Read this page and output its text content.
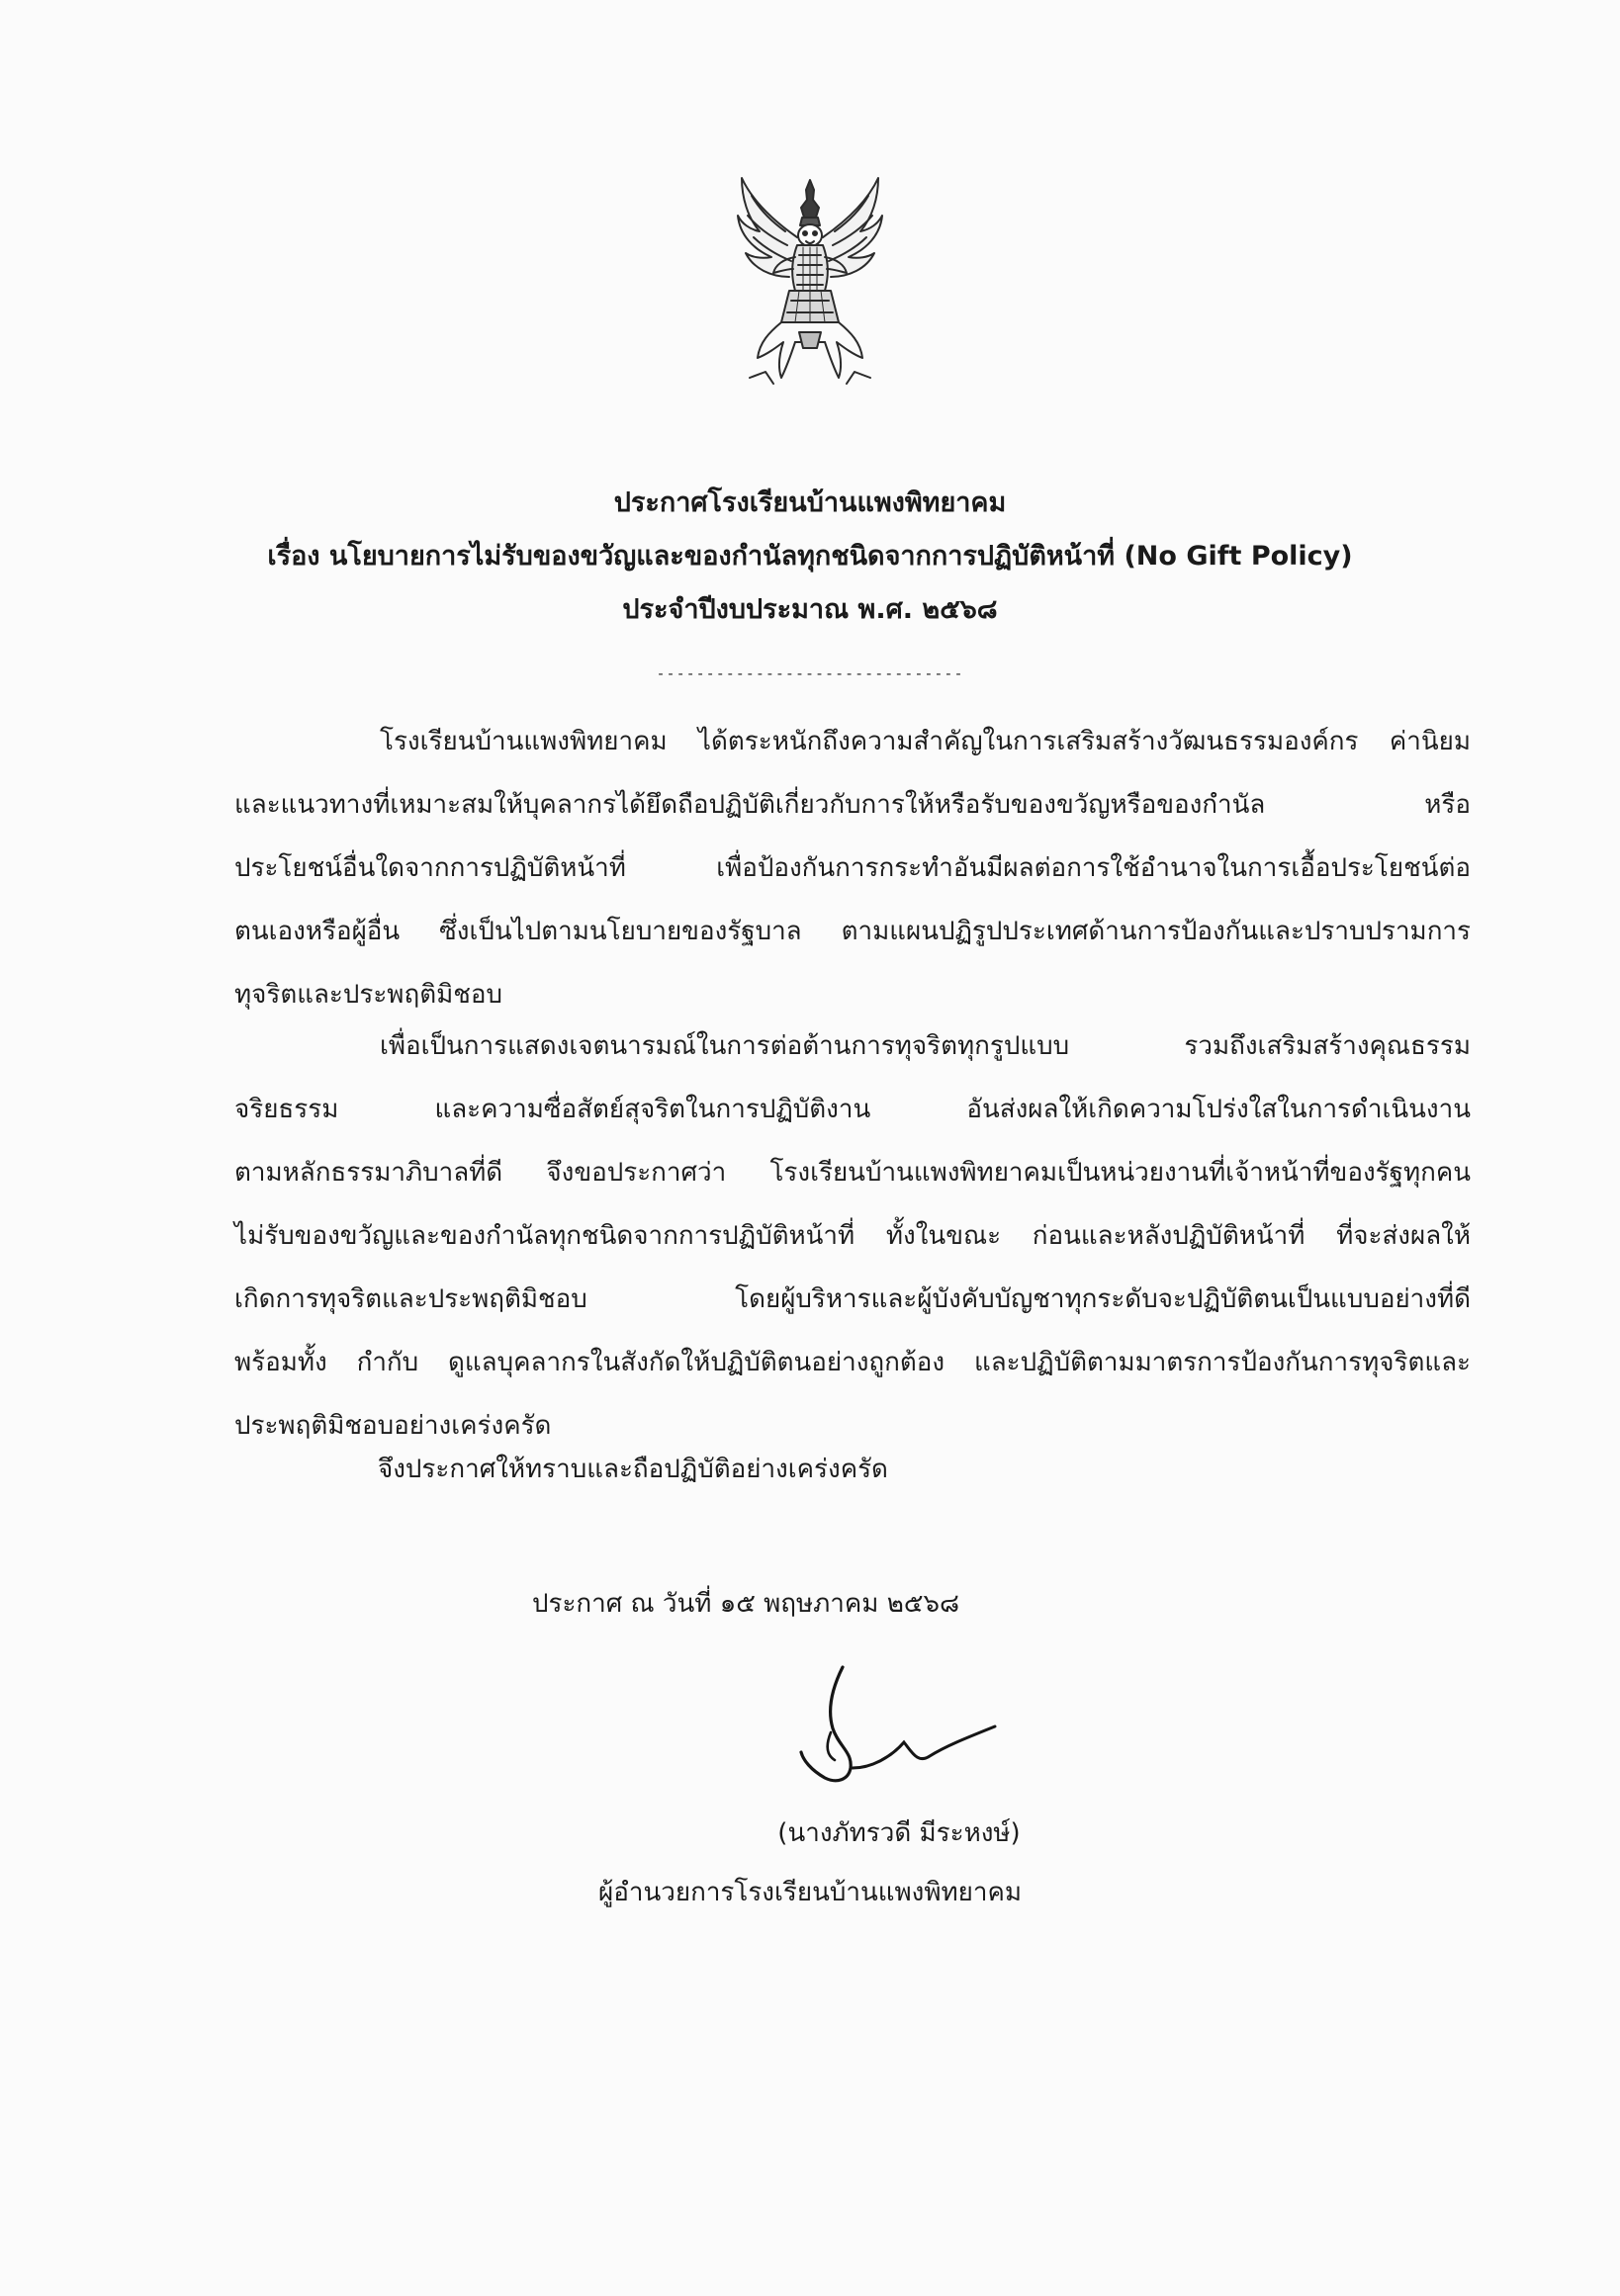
ประกาศโรงเรียนบ้านแพงพิทยาคม
เรื่อง นโยบายการไม่รับของขวัญและของกำนัลทุกชนิดจากการปฏิบัติหน้าที่ (No Gift Policy)
ประจำปีงบประมาณ พ.ศ. ๒๕๖๘
-------------------------------
โรงเรียนบ้านแพงพิทยาคม ได้ตระหนักถึงความสำคัญในการเสริมสร้างวัฒนธรรมองค์กร ค่านิยม
และแนวทางที่เหมาะสมให้บุคลากรได้ยึดถือปฏิบัติเกี่ยวกับการให้หรือรับของขวัญหรือของกำนัล หรือ
ประโยชน์อื่นใดจากการปฏิบัติหน้าที่ เพื่อป้องกันการกระทำอันมีผลต่อการใช้อำนาจในการเอื้อประโยชน์ต่อ
ตนเองหรือผู้อื่น ซึ่งเป็นไปตามนโยบายของรัฐบาล ตามแผนปฏิรูปประเทศด้านการป้องกันและปราบปรามการ
ทุจริตและประพฤติมิชอบ
เพื่อเป็นการแสดงเจตนารมณ์ในการต่อต้านการทุจริตทุกรูปแบบ รวมถึงเสริมสร้างคุณธรรม
จริยธรรม และความซื่อสัตย์สุจริตในการปฏิบัติงาน อันส่งผลให้เกิดความโปร่งใสในการดำเนินงาน
ตามหลักธรรมาภิบาลที่ดี จึงขอประกาศว่า โรงเรียนบ้านแพงพิทยาคมเป็นหน่วยงานที่เจ้าหน้าที่ของรัฐทุกคน
ไม่รับของขวัญและของกำนัลทุกชนิดจากการปฏิบัติหน้าที่ ทั้งในขณะ ก่อนและหลังปฏิบัติหน้าที่ ที่จะส่งผลให้
เกิดการทุจริตและประพฤติมิชอบ โดยผู้บริหารและผู้บังคับบัญชาทุกระดับจะปฏิบัติตนเป็นแบบอย่างที่ดี
พร้อมทั้ง กำกับ ดูแลบุคลากรในสังกัดให้ปฏิบัติตนอย่างถูกต้อง และปฏิบัติตามมาตรการป้องกันการทุจริตและ
ประพฤติมิชอบอย่างเคร่งครัด
จึงประกาศให้ทราบและถือปฏิบัติอย่างเคร่งครัด
ประกาศ ณ วันที่ ๑๕ พฤษภาคม ๒๕๖๘
(นางภัทรวดี มีระหงษ์)
ผู้อำนวยการโรงเรียนบ้านแพงพิทยาคม
